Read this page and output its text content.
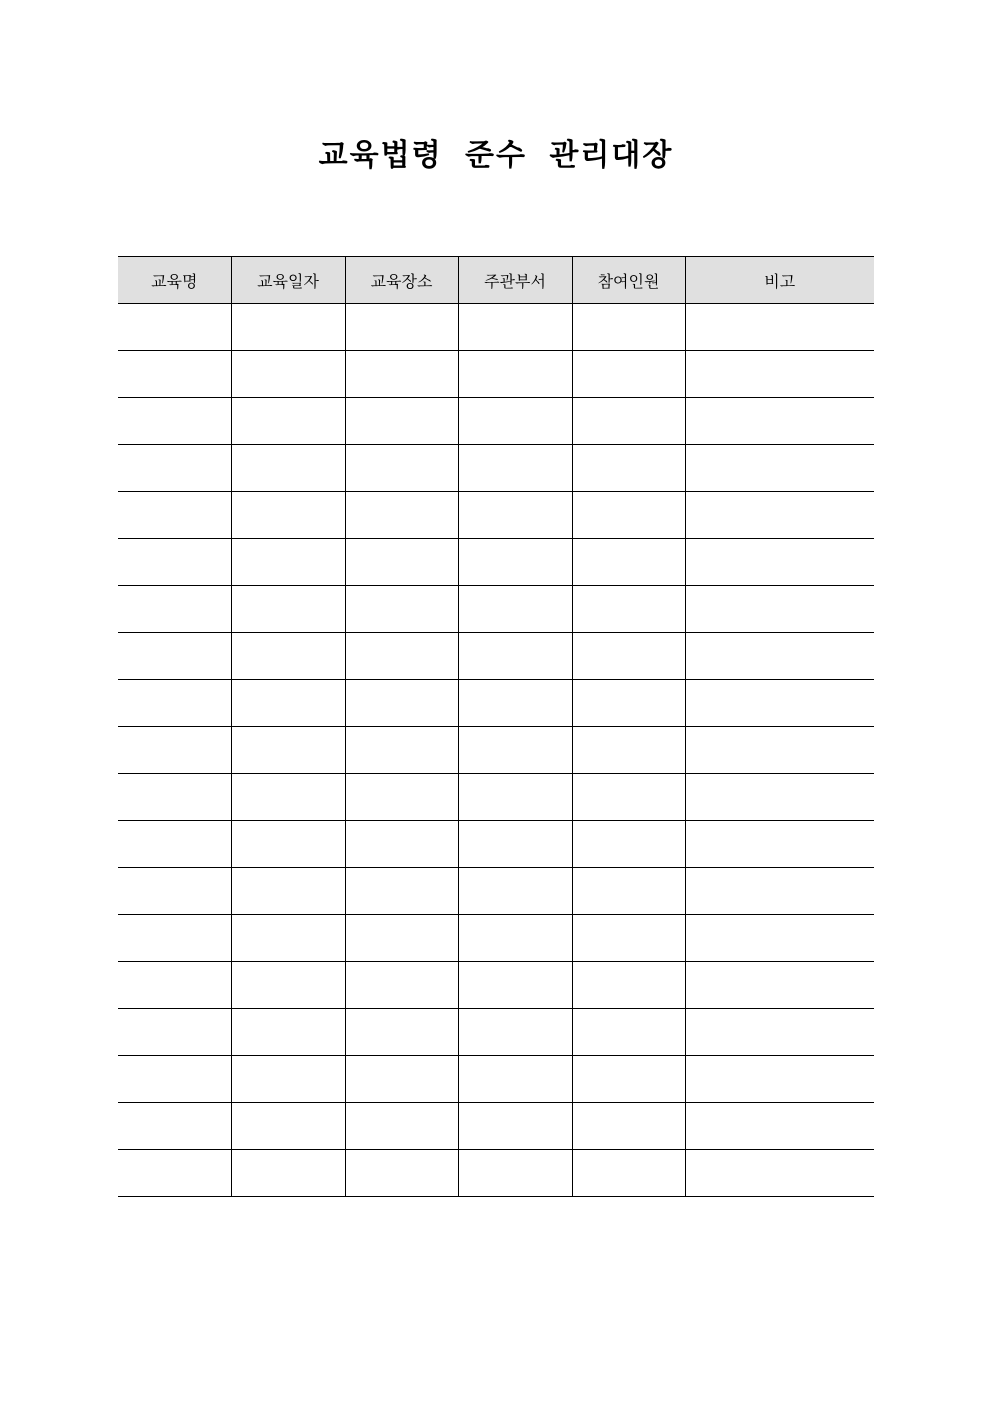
교육법령 준수 관리대장
교육명	교육일자	교육장소	주관부서	참여인원	비고
